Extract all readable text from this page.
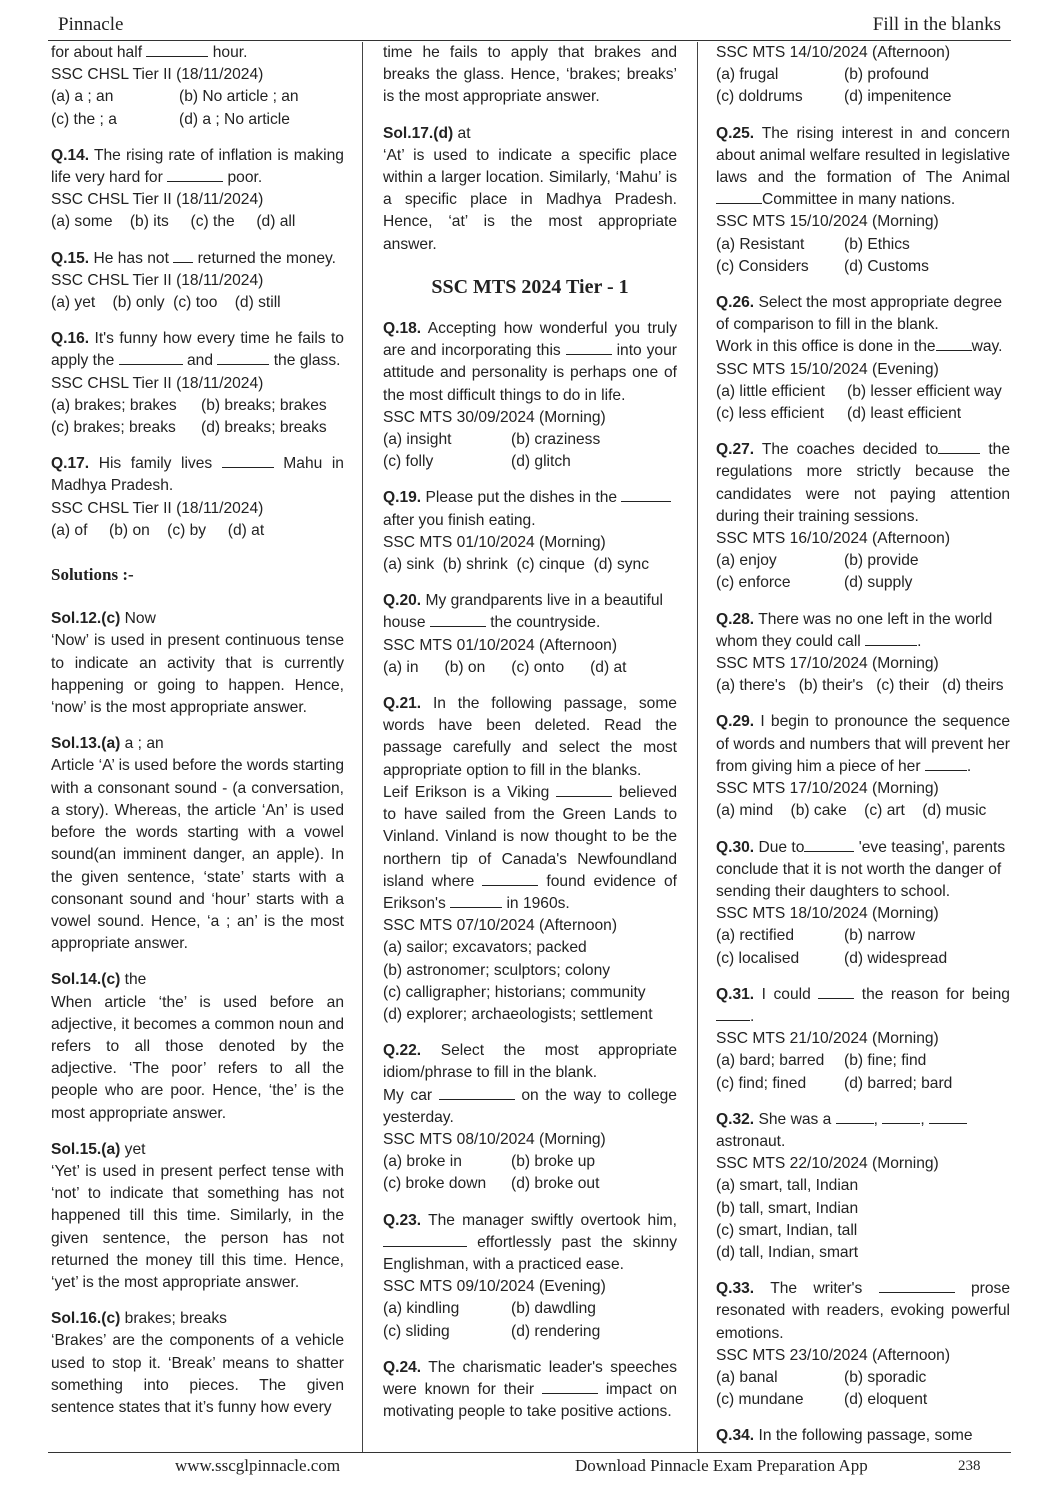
Pinnacle	Fill in the blanks
for about half	hour.
SSC CHSL Tier II (18/11/2024)
(a) a ; an	(b) No article ; an
(c) the ; a	(d) a ; No article
Q.14. The rising rate of inflation is making life very hard for	poor.
SSC CHSL Tier II (18/11/2024)
(a) some    (b) its     (c) the     (d) all
Q.15. He has not returned the money.
SSC CHSL Tier II (18/11/2024)
(a) yet    (b) only  (c) too    (d) still
Q.16. It's funny how every time he fails to apply the	and	the glass.
SSC CHSL Tier II (18/11/2024)
(a) brakes; brakes	(b) breaks; brakes
(c) brakes; breaks	(d) breaks; breaks
Q.17. His family lives	Mahu in Madhya Pradesh.
SSC CHSL Tier II (18/11/2024)
(a) of     (b) on    (c) by     (d) at
Solutions :-
Sol.12.(c) Now
‘Now’ is used in present continuous tense to indicate an activity that is currently happening or going to happen. Hence, ‘now’ is the most appropriate answer.
Sol.13.(a) a ; an
Article ‘A’ is used before the words starting with a consonant sound - (a conversation, a story). Whereas, the article ‘An’ is used before the words starting with a vowel sound(an imminent danger, an apple). In the given sentence, ‘state’ starts with a consonant sound and ‘hour’ starts with a vowel sound. Hence, ‘a ; an’ is the most appropriate answer.
Sol.14.(c) the
When article ‘the’ is used before an adjective, it becomes a common noun and refers to all those denoted by the adjective. ‘The poor’ refers to all the people who are poor. Hence, ‘the’ is the most appropriate answer.
Sol.15.(a) yet
‘Yet’ is used in present perfect tense with ‘not’ to indicate that something has not happened till this time. Similarly, in the given sentence, the person has not returned the money till this time. Hence, ‘yet’ is the most appropriate answer.
Sol.16.(c) brakes; breaks
‘Brakes’ are the components of a vehicle used to stop it. ‘Break’ means to shatter something into pieces. The given sentence states that it’s funny how every
time he fails to apply that brakes and breaks the glass. Hence, ‘brakes; breaks’ is the most appropriate answer.
Sol.17.(d) at
‘At’ is used to indicate a specific place within a larger location. Similarly, ‘Mahu’ is a specific place in Madhya Pradesh. Hence, ‘at’ is the most appropriate answer.
SSC MTS 2024 Tier - 1
Q.18. Accepting how wonderful you truly are and incorporating this	into your attitude and personality is perhaps one of the most difficult things to do in life.
SSC MTS 30/09/2024 (Morning)
(a) insight	(b) craziness
(c) folly	(d) glitch
Q.19. Please put the dishes in the  after you finish eating.
SSC MTS 01/10/2024 (Morning)
(a) sink  (b) shrink  (c) cinque  (d) sync
Q.20. My grandparents live in a beautiful house	the countryside.
SSC MTS 01/10/2024 (Afternoon)
(a) in      (b) on      (c) onto      (d) at
Q.21. In the following passage, some words have been deleted. Read the passage carefully and select the most appropriate option to fill in the blanks.
Leif Erikson is a Viking	believed to have sailed from the Green Lands to Vinland. Vinland is now thought to be the northern tip of Canada's Newfoundland island where	found evidence of Erikson's	in 1960s.
SSC MTS 07/10/2024 (Afternoon)
(a) sailor; excavators; packed
(b) astronomer; sculptors; colony
(c) calligrapher; historians; community
(d) explorer; archaeologists; settlement
Q.22. Select the most appropriate idiom/phrase to fill in the blank.
My car	on the way to college yesterday.
SSC MTS 08/10/2024 (Morning)
(a) broke in	(b) broke up
(c) broke down	(d) broke out
Q.23. The manager swiftly overtook him,  effortlessly past the skinny Englishman, with a practiced ease.
SSC MTS 09/10/2024 (Evening)
(a) kindling	(b) dawdling
(c) sliding	(d) rendering
Q.24. The charismatic leader's speeches were known for their	impact on motivating people to take positive actions.
SSC MTS 14/10/2024 (Afternoon)
(a) frugal	(b) profound
(c) doldrums	(d) impenitence
Q.25. The rising interest in and concern about animal welfare resulted in legislative laws and the formation of The AnimalCommittee in many nations.
SSC MTS 15/10/2024 (Morning)
(a) Resistant	(b) Ethics
(c) Considers	(d) Customs
Q.26. Select the most appropriate degree of comparison to fill in the blank.
Work in this office is done in the way.
SSC MTS 15/10/2024 (Evening)
(a) little efficient	(b) lesser efficient way
(c) less efficient	(d) least efficient
Q.27. The coaches decided to	the regulations more strictly because the candidates were not paying attention during their training sessions.
SSC MTS 16/10/2024 (Afternoon)
(a) enjoy	(b) provide
(c) enforce	(d) supply
Q.28. There was no one left in the world whom they could call	.
SSC MTS 17/10/2024 (Morning)
(a) there's   (b) their's   (c) their   (d) theirs
Q.29. I begin to pronounce the sequence of words and numbers that will prevent her from giving him a piece of her	.
SSC MTS 17/10/2024 (Morning)
(a) mind    (b) cake    (c) art    (d) music
Q.30. Due to	'eve teasing', parents conclude that it is not worth the danger of sending their daughters to school.
SSC MTS 18/10/2024 (Morning)
(a) rectified	(b) narrow
(c) localised	(d) widespread
Q.31. I could	the reason for being .
SSC MTS 21/10/2024 (Morning)
(a) bard; barred	(b) fine; find
(c) find; fined	(d) barred; bard
Q.32. She was a	,	,  astronaut.
SSC MTS 22/10/2024 (Morning)
(a) smart, tall, Indian
(b) tall, smart, Indian
(c) smart, Indian, tall
(d) tall, Indian, smart
Q.33. The writer's	prose resonated with readers, evoking powerful emotions.
SSC MTS 23/10/2024 (Afternoon)
(a) banal	(b) sporadic
(c) mundane	(d) eloquent
Q.34. In the following passage, some
www.sscglpinnacle.com	Download Pinnacle Exam Preparation App	238
